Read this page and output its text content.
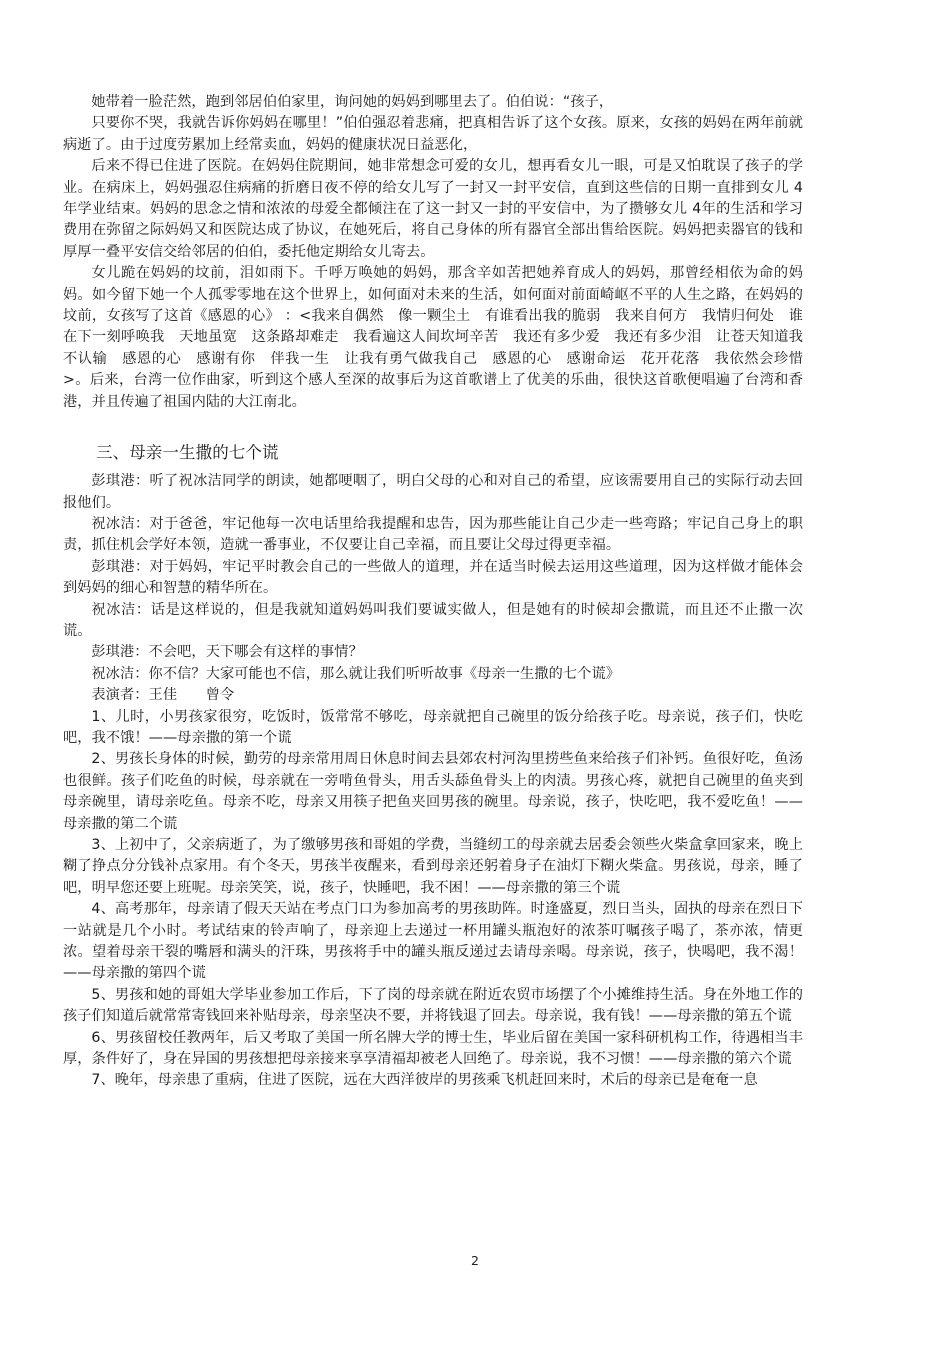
她带着一脸茫然，跑到邻居伯伯家里，询问她的妈妈到哪里去了。伯伯说：“孩子，

只要你不哭，我就告诉你妈妈在哪里！”伯伯强忍着悲痛，把真相告诉了这个女孩。原来，女孩的妈妈在两年前就病逝了。由于过度劳累加上经常卖血，妈妈的健康状况日益恶化，

后来不得已住进了医院。在妈妈住院期间，她非常想念可爱的女儿，想再看女儿一眼，可是又怕耽误了孩子的学业。在病床上，妈妈强忍住病痛的折磨日夜不停的给女儿写了一封又一封平安信，直到这些信的日期一直排到女儿 4年学业结束。妈妈的思念之情和浓浓的母爱全都倾注在了这一封又一封的平安信中，为了攒够女儿 4年的生活和学习费用在弥留之际妈妈又和医院达成了协议，在她死后，将自己身体的所有器官全部出售给医院。妈妈把卖器官的钱和厚厚一叠平安信交给邻居的伯伯，委托他定期给女儿寄去。

女儿跪在妈妈的坟前，泪如雨下。千呼万唤她的妈妈，那含辛如苦把她养育成人的妈妈，那曾经相依为命的妈妈。如今留下她一个人孤零零地在这个世界上，如何面对未来的生活，如何面对前面崎岖不平的人生之路，在妈妈的坟前，女孩写了这首《感恩的心》 ：<我来自偶然　像一颗尘土　有谁看出我的脆弱　我来自何方　我情归何处　谁在下一刻呼唤我　天地虽宽　这条路却难走　我看遍这人间坎坷辛苦　我还有多少爱　我还有多少泪　让苍天知道我不认输　感恩的心　感谢有你　伴我一生　让我有勇气做我自己　感恩的心　感谢命运　花开花落　我依然会珍惜 >。后来，台湾一位作曲家，听到这个感人至深的故事后为这首歌谱上了优美的乐曲，很快这首歌便唱遍了台湾和香港，并且传遍了祖国内陆的大江南北。

三、母亲一生撒的七个谎

彭琪港：听了祝冰洁同学的朗读，她都哽咽了，明白父母的心和对自己的希望，应该需要用自己的实际行动去回报他们。

祝冰洁：对于爸爸，牢记他每一次电话里给我提醒和忠告，因为那些能让自己少走一些弯路；牢记自己身上的职责，抓住机会学好本领，造就一番事业，不仅要让自己幸福，而且要让父母过得更幸福。

彭琪港：对于妈妈，牢记平时教会自己的一些做人的道理，并在适当时候去运用这些道理，因为这样做才能体会到妈妈的细心和智慧的精华所在。

祝冰洁：话是这样说的，但是我就知道妈妈叫我们要诚实做人，但是她有的时候却会撒谎，而且还不止撒一次谎。

彭琪港：不会吧，天下哪会有这样的事情？

祝冰洁：你不信？大家可能也不信，那么就让我们听听故事《母亲一生撒的七个谎》

表演者：王佳　　曾令

1、儿时，小男孩家很穷，吃饭时，饭常常不够吃，母亲就把自己碗里的饭分给孩子吃。母亲说，孩子们，快吃吧，我不饿！——母亲撒的第一个谎

2、男孩长身体的时候，勤劳的母亲常用周日休息时间去县郊农村河沟里捞些鱼来给孩子们补钙。鱼很好吃，鱼汤也很鲜。孩子们吃鱼的时候，母亲就在一旁啃鱼骨头，用舌头舔鱼骨头上的肉渍。男孩心疼，就把自己碗里的鱼夹到母亲碗里，请母亲吃鱼。母亲不吃，母亲又用筷子把鱼夹回男孩的碗里。母亲说，孩子，快吃吧，我不爱吃鱼！——母亲撒的第二个谎

3、上初中了，父亲病逝了，为了缴够男孩和哥姐的学费，当缝纫工的母亲就去居委会领些火柴盒拿回家来，晚上糊了挣点分分钱补点家用。有个冬天，男孩半夜醒来，看到母亲还躬着身子在油灯下糊火柴盒。男孩说，母亲，睡了吧，明早您还要上班呢。母亲笑笑，说，孩子，快睡吧，我不困！——母亲撒的第三个谎

4、高考那年，母亲请了假天天站在考点门口为参加高考的男孩助阵。时逢盛夏，烈日当头，固执的母亲在烈日下一站就是几个小时。考试结束的铃声响了，母亲迎上去递过一杯用罐头瓶泡好的浓茶叮嘱孩子喝了，茶亦浓，情更浓。望着母亲干裂的嘴唇和满头的汗珠，男孩将手中的罐头瓶反递过去请母亲喝。母亲说，孩子，快喝吧，我不渴！——母亲撒的第四个谎

5、男孩和她的哥姐大学毕业参加工作后，下了岗的母亲就在附近农贸市场摆了个小摊维持生活。身在外地工作的孩子们知道后就常常寄钱回来补贴母亲，母亲坚决不要，并将钱退了回去。母亲说，我有钱！——母亲撒的第五个谎

6、男孩留校任教两年，后又考取了美国一所名牌大学的博士生，毕业后留在美国一家科研机构工作，待遇相当丰厚，条件好了，身在异国的男孩想把母亲接来享享清福却被老人回绝了。母亲说，我不习惯！——母亲撒的第六个谎

7、晚年，母亲患了重病，住进了医院，远在大西洋彼岸的男孩乘飞机赶回来时，术后的母亲已是奄奄一息

2
